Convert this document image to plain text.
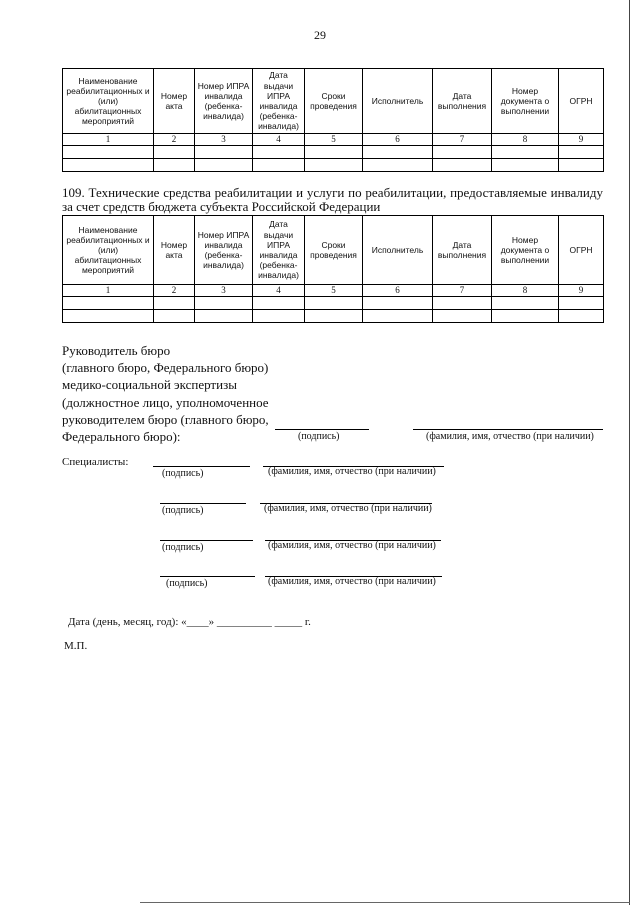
29
Наименование реабилитационных и (или) абилитационных мероприятий	Номер акта	Номер ИПРА инвалида (ребенка-инвалида)	Дата выдачи ИПРА инвалида (ребенка-инвалида)	Сроки проведения	Исполнитель	Дата выполнения	Номер документа о выполнении	ОГРН
1	2	3	4	5	6	7	8	9

109. Технические средства реабилитации и услуги по реабилитации, предоставляемые инвалиду за счет средств бюджета субъекта Российской Федерации
Наименование реабилитационных и (или) абилитационных мероприятий	Номер акта	Номер ИПРА инвалида (ребенка-инвалида)	Дата выдачи ИПРА инвалида (ребенка-инвалида)	Сроки проведения	Исполнитель	Дата выполнения	Номер документа о выполнении	ОГРН
1	2	3	4	5	6	7	8	9

Руководитель бюро
(главного бюро, Федерального бюро)
медико-социальной экспертизы
(должностное лицо, уполномоченное
руководителем бюро (главного бюро,
Федерального бюро):	(подпись)	(фамилия, имя, отчество (при наличии)
Специалисты:
(подпись)	(фамилия, имя, отчество (при наличии)
(подпись)	(фамилия, имя, отчество (при наличии)
(подпись)	(фамилия, имя, отчество (при наличии)
(подпись)	(фамилия, имя, отчество (при наличии)
Дата (день, месяц, год): «____» __________ _____ г.
М.П.
